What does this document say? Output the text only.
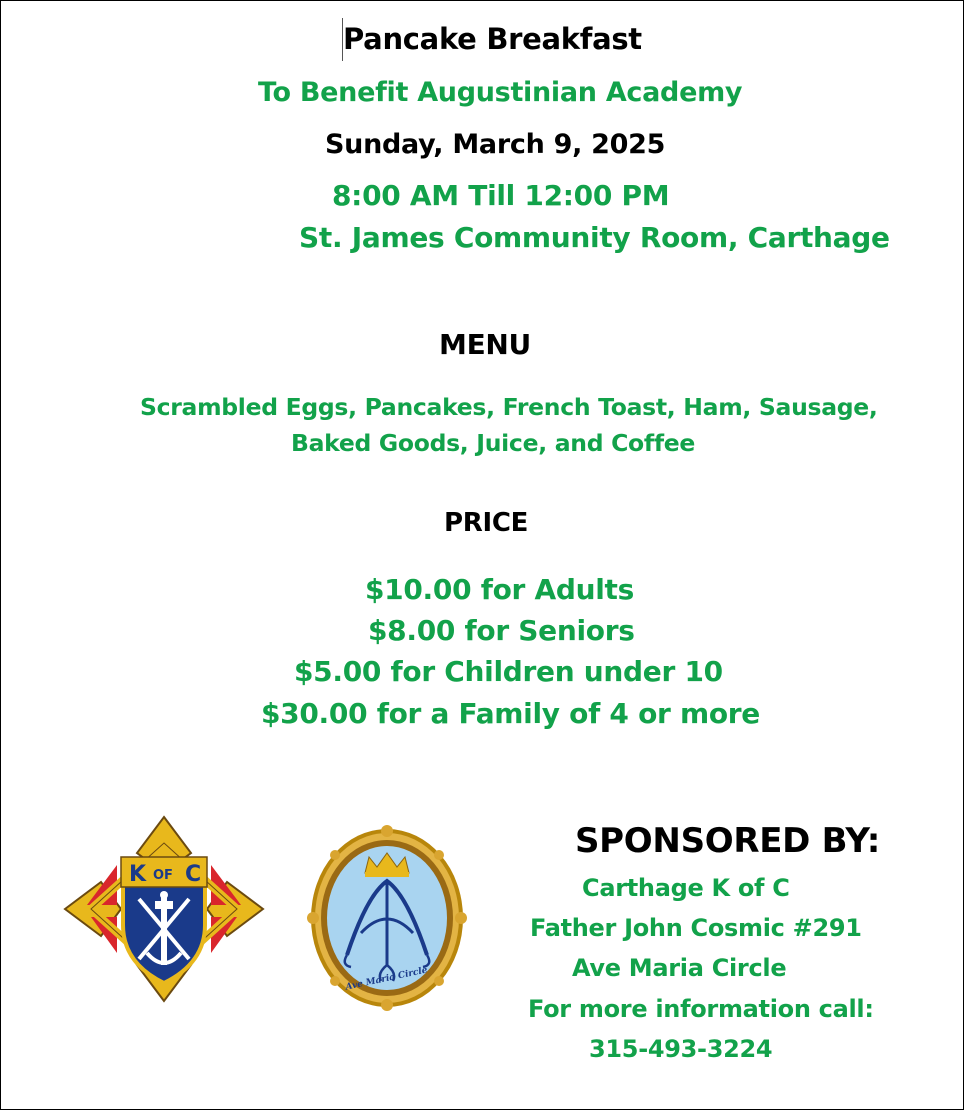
Pancake Breakfast
To Benefit Augustinian Academy
Sunday, March 9, 2025
8:00 AM Till 12:00 PM
St. James Community Room, Carthage
MENU
Scrambled Eggs, Pancakes, French Toast, Ham, Sausage,
Baked Goods, Juice, and Coffee
PRICE
$10.00 for Adults
$8.00 for Seniors
$5.00 for Children under 10
$30.00 for a Family of 4 or more
SPONSORED BY:
Carthage K of C
Father John Cosmic #291
Ave Maria Circle
For more information call:
315-493-3224
K OF C
Ave Maria Circle
